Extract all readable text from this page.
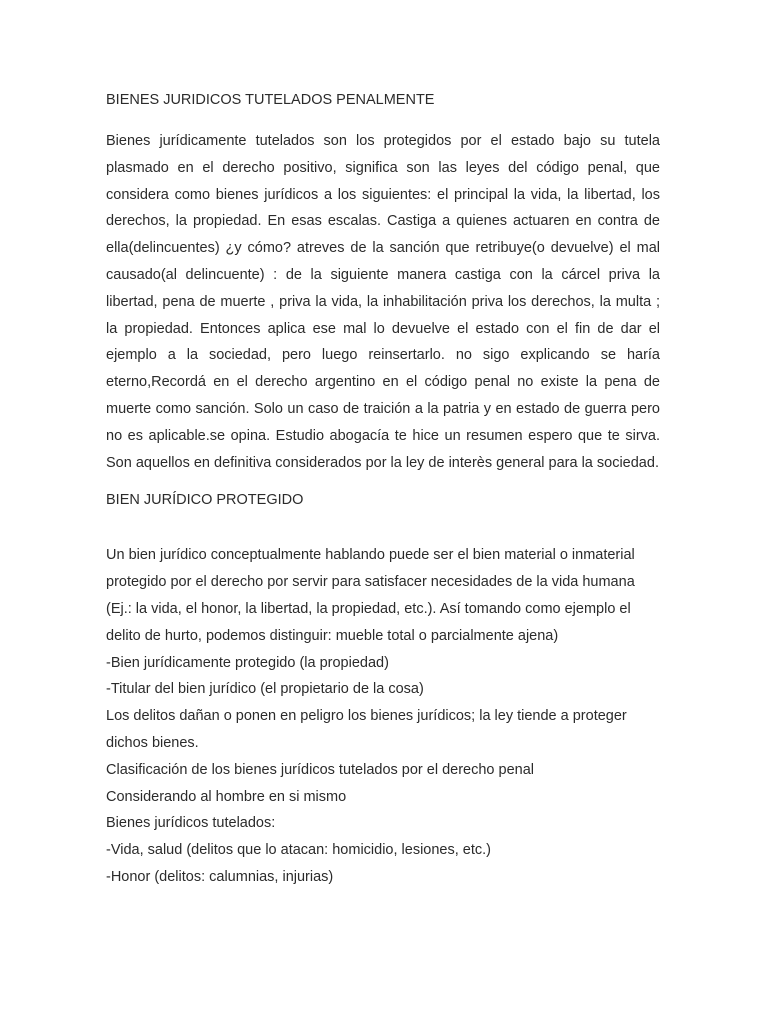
BIENES JURIDICOS TUTELADOS PENALMENTE

Bienes jurídicamente tutelados son los protegidos por el estado bajo su tutela plasmado en el derecho positivo, significa son las leyes del código penal, que considera como bienes jurídicos a los siguientes: el principal la vida, la libertad, los derechos, la propiedad. En esas escalas. Castiga a quienes actuaren en contra de ella(delincuentes) ¿y cómo? atreves de la sanción que retribuye(o devuelve) el mal causado(al delincuente) : de la siguiente manera castiga con la cárcel priva la libertad, pena de muerte , priva la vida, la inhabilitación priva los derechos, la multa ; la propiedad. Entonces aplica ese mal lo devuelve el estado con el fin de dar el ejemplo a la sociedad, pero luego reinsertarlo. no sigo explicando se haría eterno,Recordá en el derecho argentino en el código penal no existe la pena de muerte como sanción. Solo un caso de traición a la patria y en estado de guerra pero no es aplicable.se opina. Estudio abogacía te hice un resumen espero que te sirva. Son aquellos en definitiva considerados por la ley de interès general para la sociedad.

BIEN JURÍDICO PROTEGIDO

Un bien jurídico conceptualmente hablando puede ser el bien material o inmaterial protegido por el derecho por servir para satisfacer necesidades de la vida humana (Ej.: la vida, el honor, la libertad, la propiedad, etc.). Así tomando como ejemplo el delito de hurto, podemos distinguir: mueble total o parcialmente ajena)

-Bien jurídicamente protegido (la propiedad)
-Titular del bien jurídico (el propietario de la cosa)

Los delitos dañan o ponen en peligro los bienes jurídicos; la ley tiende a proteger dichos bienes.

Clasificación de los bienes jurídicos tutelados por el derecho penal
Considerando al hombre en si mismo
Bienes jurídicos tutelados:
-Vida, salud (delitos que lo atacan: homicidio, lesiones, etc.)
-Honor (delitos: calumnias, injurias)
